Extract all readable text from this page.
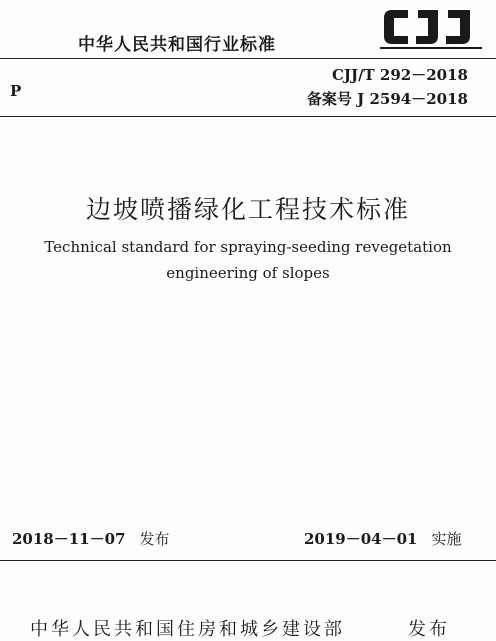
中华人民共和国行业标准
P
CJJ/T 292－2018
备案号 J 2594－2018
边坡喷播绿化工程技术标准
Technical standard for spraying-seeding revegetation
engineering of slopes
2018－11－07 发布	2019－04－01 实施
中华人民共和国住房和城乡建设部	发布
